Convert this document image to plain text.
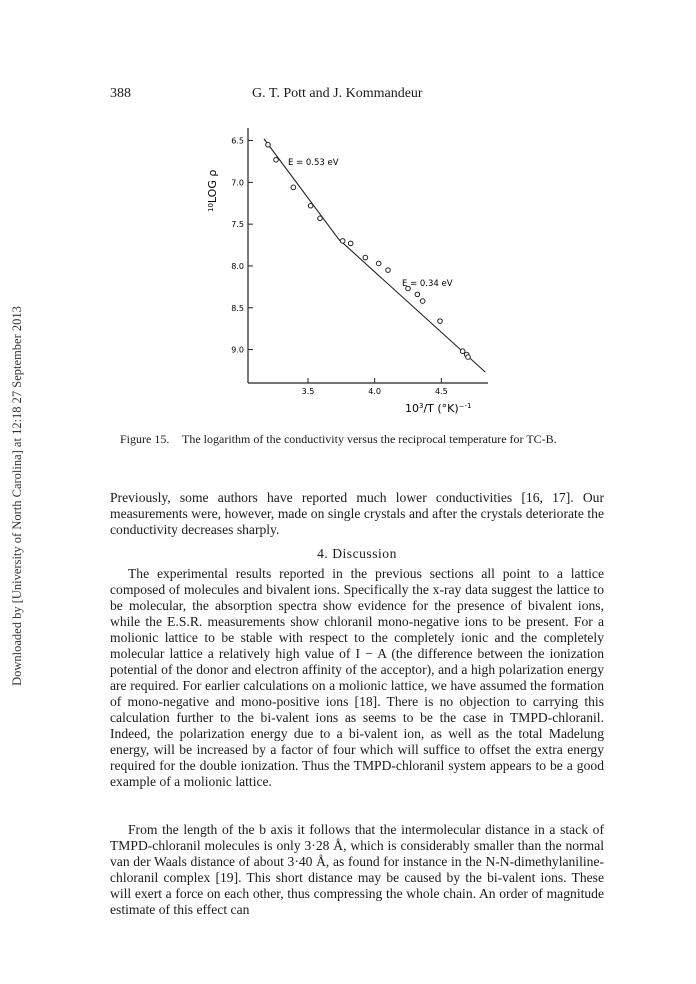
Downloaded by [University of North Carolina] at 12:18 27 September 2013
388	G. T. Pott and J. Kommandeur
6.5
7.0
7.5
8.0
8.5
9.0
3.5	4.0	4.5
E = 0.53 eV
E = 0.34 eV
$^{10}$LOG ρ
$10^3/T$ (°K)⁻$^{-1}$
Figure 15.	The logarithm of the conductivity versus the reciprocal temperature for TC-B.
Previously, some authors have reported much lower conductivities [16, 17]. Our measurements were, however, made on single crystals and after the crystals deteriorate the conductivity decreases sharply.
4. Discussion
The experimental results reported in the previous sections all point to a lattice composed of molecules and bivalent ions. Specifically the x-ray data suggest the lattice to be molecular, the absorption spectra show evidence for the presence of bivalent ions, while the E.S.R. measurements show chloranil mono-negative ions to be present. For a molionic lattice to be stable with respect to the completely ionic and the completely molecular lattice a relatively high value of I − A (the difference between the ionization potential of the donor and electron affinity of the acceptor), and a high polarization energy are required. For earlier calculations on a molionic lattice, we have assumed the formation of mono-negative and mono-positive ions [18]. There is no objection to carrying this calculation further to the bi-valent ions as seems to be the case in TMPD-chloranil. Indeed, the polarization energy due to a bi-valent ion, as well as the total Madelung energy, will be increased by a factor of four which will suffice to offset the extra energy required for the double ionization. Thus the TMPD-chloranil system appears to be a good example of a molionic lattice.
From the length of the b axis it follows that the intermolecular distance in a stack of TMPD-chloranil molecules is only 3·28 Å, which is considerably smaller than the normal van der Waals distance of about 3·40 Å, as found for instance in the N-N-dimethylaniline-chloranil complex [19]. This short distance may be caused by the bi-valent ions. These will exert a force on each other, thus compressing the whole chain. An order of magnitude estimate of this effect can
